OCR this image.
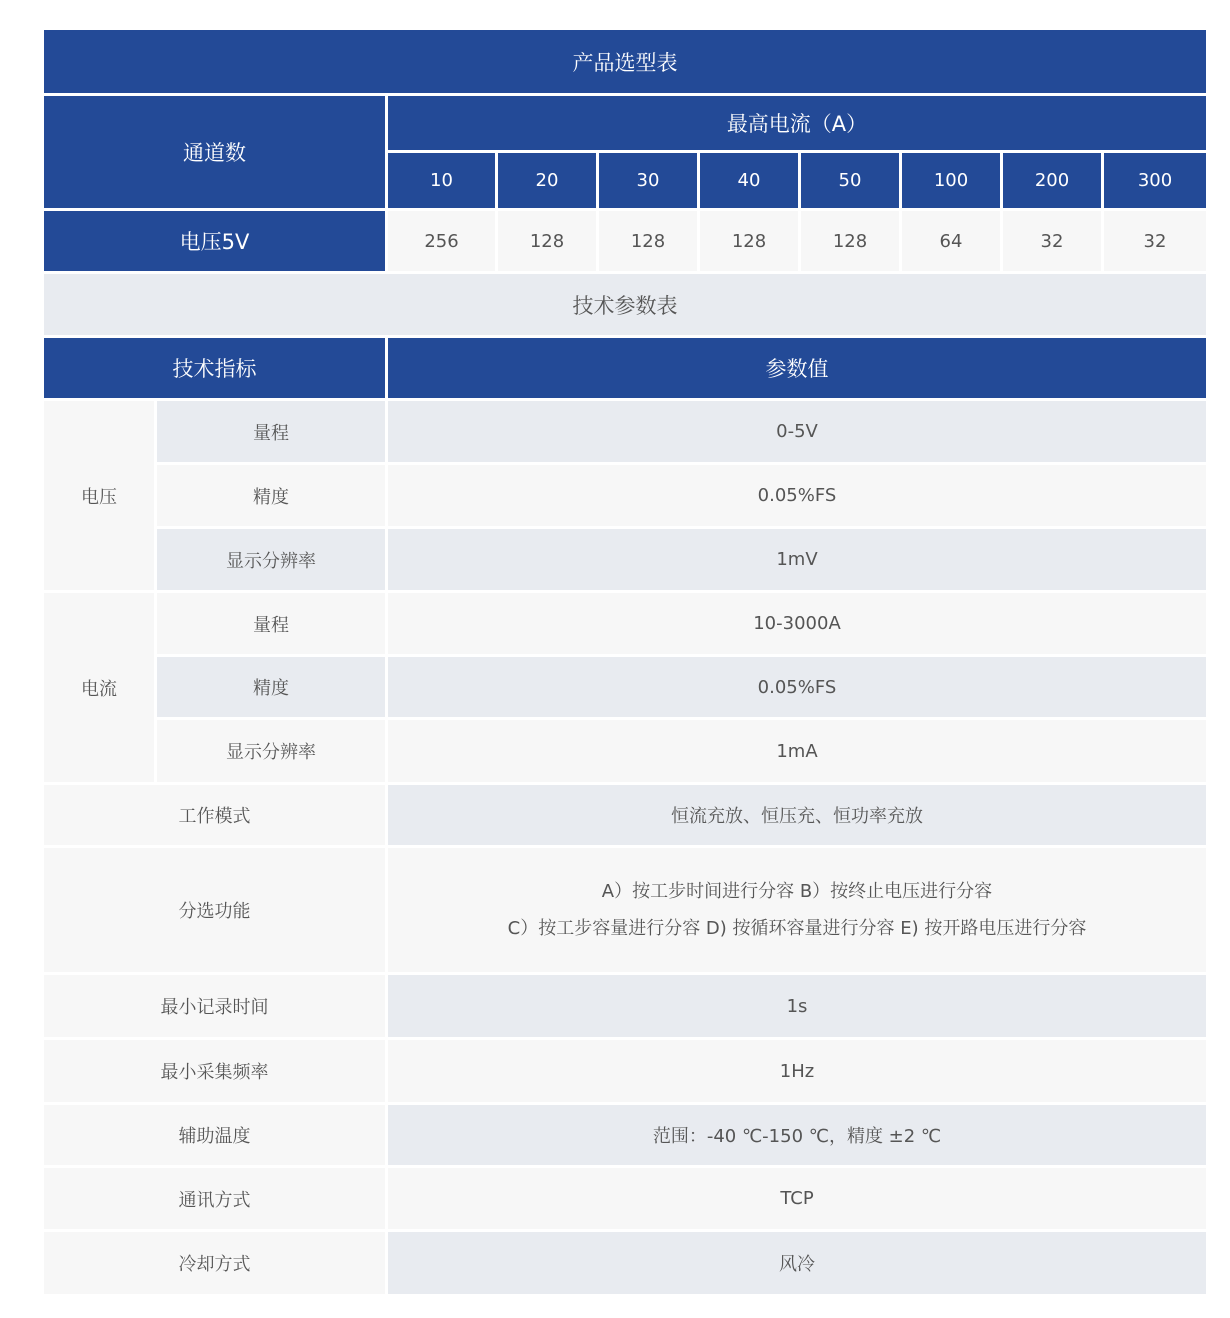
产品选型表
通道数
最高电流（A）
10	20	30	40	50	100	200	300
电压5V	256	128	128	128	128	64	32	32
技术参数表
技术指标	参数值
电压
量程	0-5V
精度	0.05%FS
显示分辨率	1mV
电流
量程	10-3000A
精度	0.05%FS
显示分辨率	1mA
工作模式	恒流充放、恒压充、恒功率充放
分选功能
A）按工步时间进行分容 B）按终止电压进行分容
C）按工步容量进行分容 D) 按循环容量进行分容 E) 按开路电压进行分容
最小记录时间	1s
最小采集频率	1Hz
辅助温度	范围：-40 ℃-150 ℃，精度 ±2 ℃
通讯方式	TCP
冷却方式	风冷
